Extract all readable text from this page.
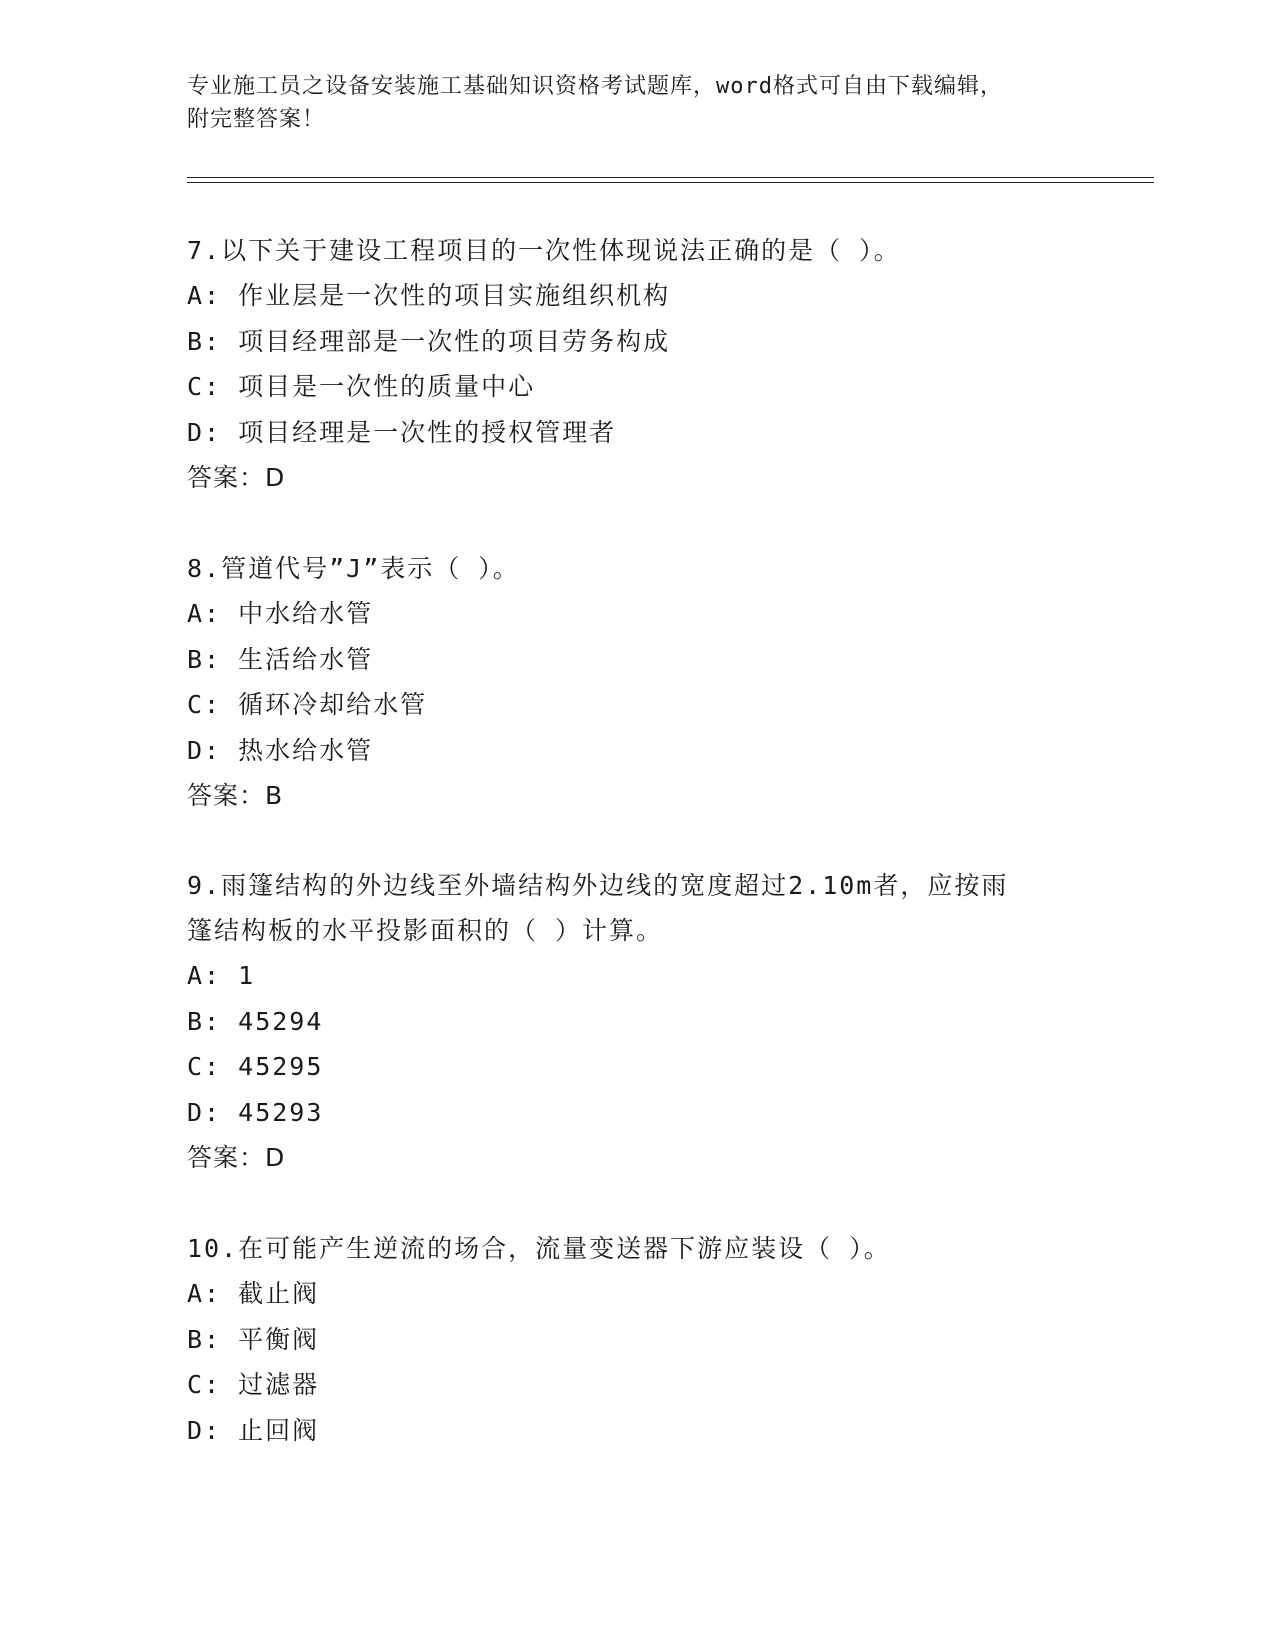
专业施工员之设备安装施工基础知识资格考试题库，word格式可自由下载编辑，
附完整答案！
7.以下关于建设工程项目的一次性体现说法正确的是（ ）。
A: 作业层是一次性的项目实施组织机构
B: 项目经理部是一次性的项目劳务构成
C: 项目是一次性的质量中心
D: 项目经理是一次性的授权管理者
答案：D
8.管道代号”J”表示（ ）。
A: 中水给水管
B: 生活给水管
C: 循环冷却给水管
D: 热水给水管
答案：B
9.雨篷结构的外边线至外墙结构外边线的宽度超过2.10m者，应按雨
篷结构板的水平投影面积的（ ）计算。
A: 1
B: 45294
C: 45295
D: 45293
答案：D
10.在可能产生逆流的场合，流量变送器下游应装设（ ）。
A: 截止阀
B: 平衡阀
C: 过滤器
D: 止回阀
